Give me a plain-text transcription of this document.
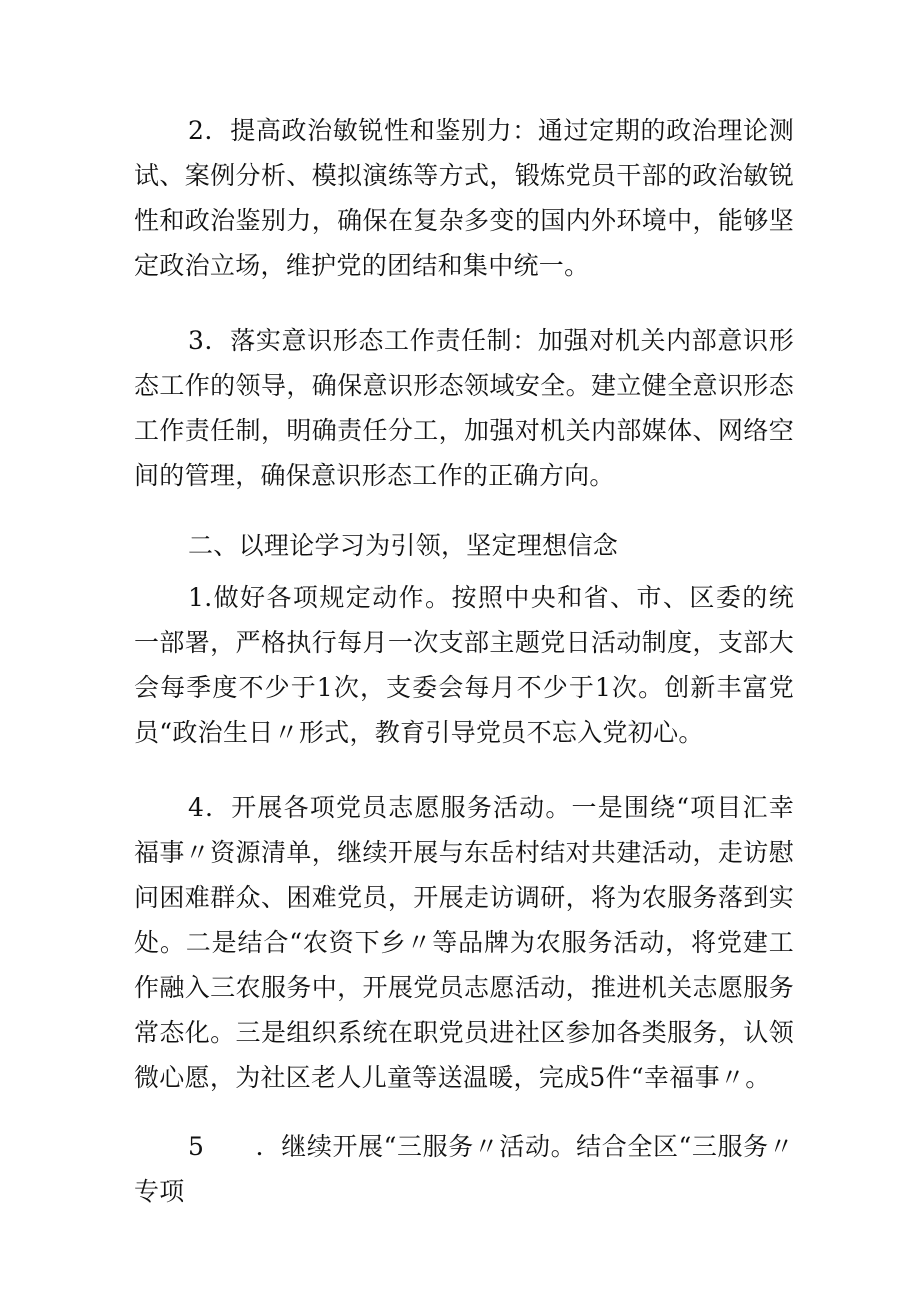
2．提高政治敏锐性和鉴别力：通过定期的政治理论测试、案例分析、模拟演练等方式，锻炼党员干部的政治敏锐性和政治鉴别力，确保在复杂多变的国内外环境中，能够坚定政治立场，维护党的团结和集中统一。

3．落实意识形态工作责任制：加强对机关内部意识形态工作的领导，确保意识形态领域安全。建立健全意识形态工作责任制，明确责任分工，加强对机关内部媒体、网络空间的管理，确保意识形态工作的正确方向。

二、以理论学习为引领，坚定理想信念

1.做好各项规定动作。按照中央和省、市、区委的统一部署，严格执行每月一次支部主题党日活动制度，支部大会每季度不少于1次，支委会每月不少于1次。创新丰富党员“政治生日〃形式，教育引导党员不忘入党初心。

4．开展各项党员志愿服务活动。一是围绕“项目汇幸福事〃资源清单，继续开展与东岳村结对共建活动，走访慰问困难群众、困难党员，开展走访调研，将为农服务落到实处。二是结合“农资下乡〃等品牌为农服务活动，将党建工作融入三农服务中，开展党员志愿活动，推进机关志愿服务常态化。三是组织系统在职党员进社区参加各类服务，认领微心愿，为社区老人儿童等送温暖，完成5件“幸福事〃。

5　　．继续开展“三服务〃活动。结合全区“三服务〃专项
